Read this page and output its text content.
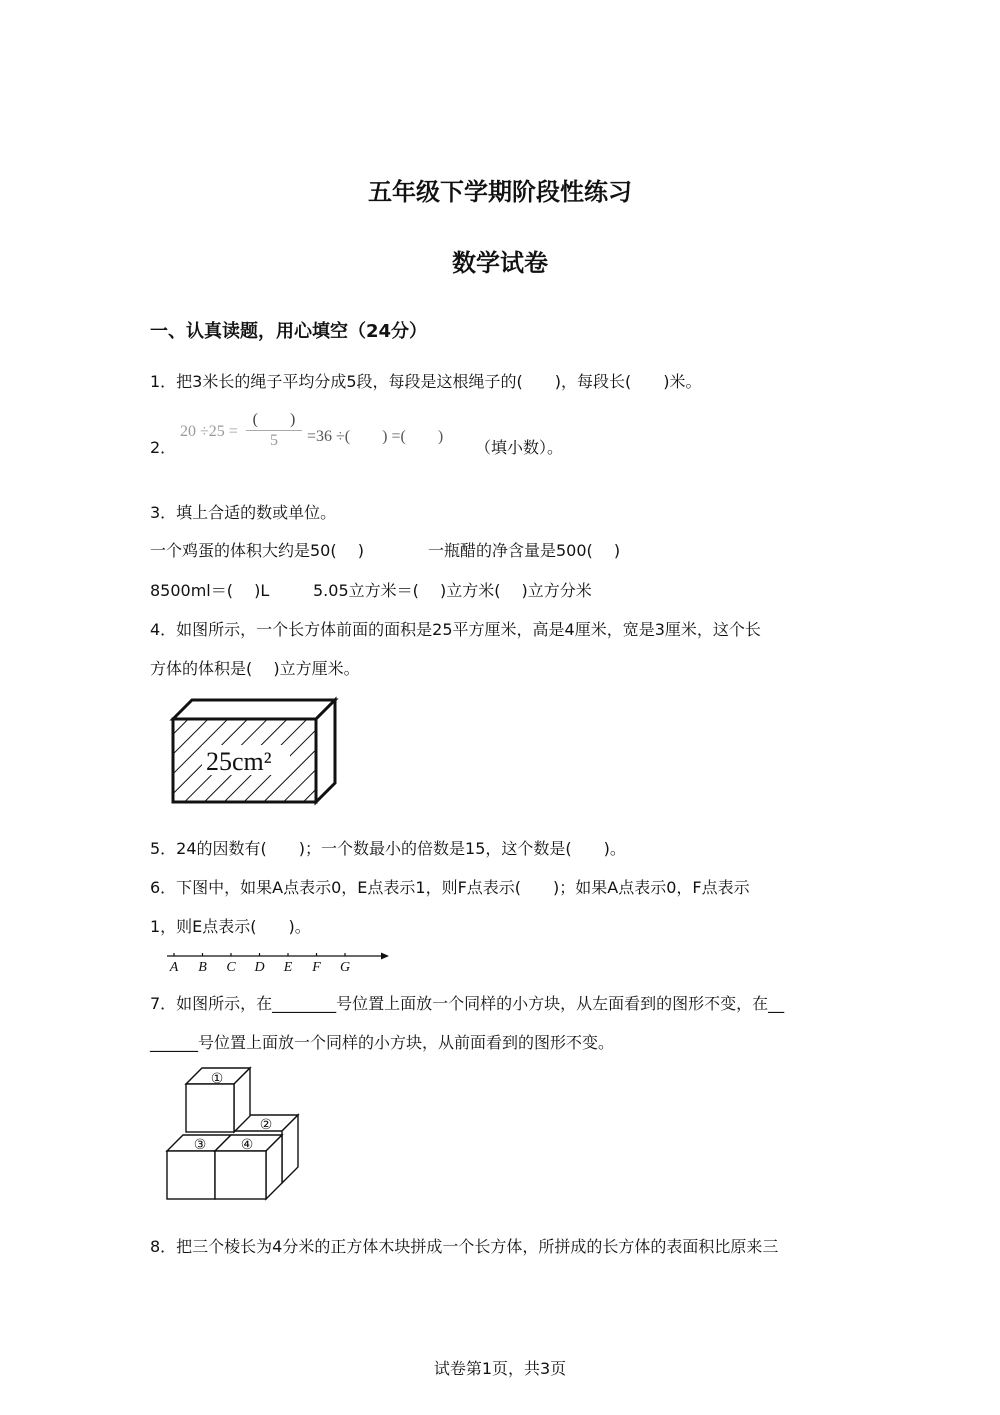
五年级下学期阶段性练习
数学试卷
一、认真读题，用心填空（24分）
1．把3米长的绳子平均分成5段，每段是这根绳子的(　　)，每段长(　　)米。
2．
20 ÷25 =
(　　)
5	=36 ÷(　　) =(　　)
（填小数）。
3．填上合适的数或单位。
一个鸡蛋的体积大约是50(　 )	一瓶醋的净含量是500(　 )
8500ml＝(　 )L	5.05立方米＝(　 )立方米(　 )立方分米
4．如图所示，一个长方体前面的面积是25平方厘米，高是4厘米，宽是3厘米，这个长
方体的体积是(　 )立方厘米。
25cm²
5．24的因数有(　　)；一个数最小的倍数是15，这个数是(　　)。
6．下图中，如果A点表示0，E点表示1，则F点表示(　　)；如果A点表示0，F点表示
1，则E点表示(　　)。
A B C D E F G
7．如图所示，在________号位置上面放一个同样的小方块，从左面看到的图形不变，在__
______号位置上面放一个同样的小方块，从前面看到的图形不变。
①
②
③ ④
8．把三个棱长为4分米的正方体木块拼成一个长方体，所拼成的长方体的表面积比原来三
试卷第1页，共3页
